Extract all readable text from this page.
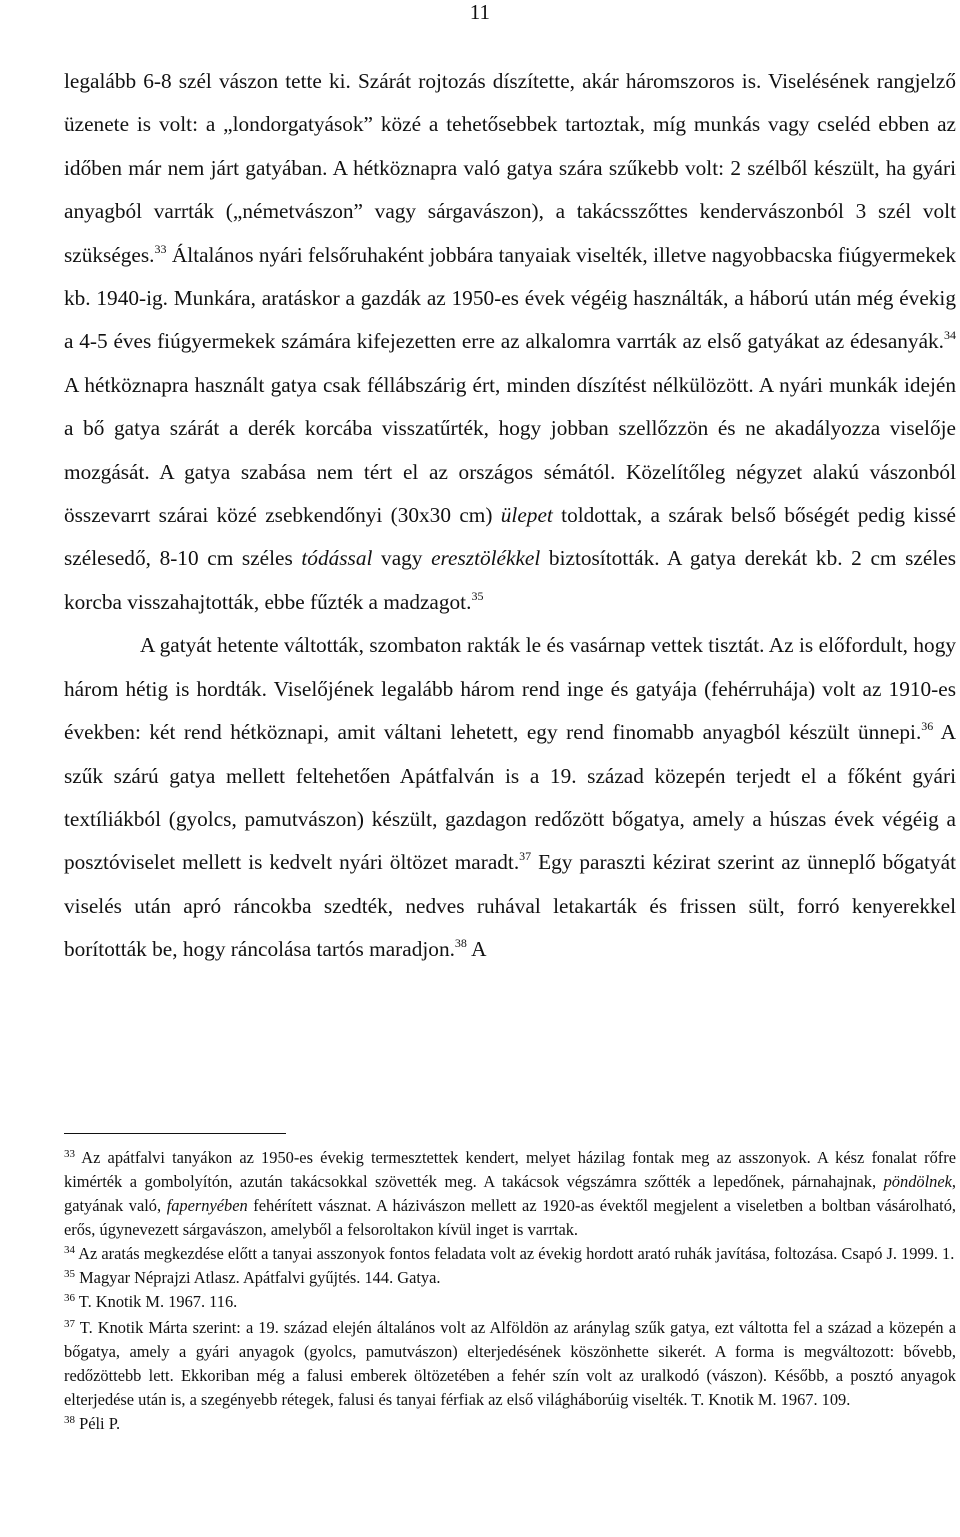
11

legalább 6-8 szél vászon tette ki. Szárát rojtozás díszítette, akár háromszoros is. Viselésének rangjelző üzenete is volt: a „londorgatyások” közé a tehetősebbek tartoztak, míg munkás vagy cseléd ebben az időben már nem járt gatyában. A hétköznapra való gatya szára szűkebb volt: 2 szélből készült, ha gyári anyagból varrták („németvászon” vagy sárgavászon), a takácsszőttes kendervászonból 3 szél volt szükséges.$^{33}$ Általános nyári felsőruhaként jobbára tanyaiak viselték, illetve nagyobbacska fiúgyermekek kb. 1940-ig. Munkára, aratáskor a gazdák az 1950-es évek végéig használták, a háború után még évekig a 4-5 éves fiúgyermekek számára kifejezetten erre az alkalomra varrták az első gatyákat az édesanyák.$^{34}$ A hétköznapra használt gatya csak féllábszárig ért, minden díszítést nélkülözött. A nyári munkák idején a bő gatya szárát a derék korcába visszatűrték, hogy jobban szellőzzön és ne akadályozza viselője mozgását. A gatya szabása nem tért el az országos sémától. Közelítőleg négyzet alakú vászonból összevarrt szárai közé zsebkendőnyi (30x30 cm) ülepet toldottak, a szárak belső bőségét pedig kissé szélesedő, 8-10 cm széles tódással vagy eresztölékkel biztosították. A gatya derekát kb. 2 cm széles korcba visszahajtották, ebbe fűzték a madzagot.$^{35}$

A gatyát hetente váltották, szombaton rakták le és vasárnap vettek tisztát. Az is előfordult, hogy három hétig is hordták. Viselőjének legalább három rend inge és gatyája (fehérruhája) volt az 1910-es években: két rend hétköznapi, amit váltani lehetett, egy rend finomabb anyagból készült ünnepi.$^{36}$ A szűk szárú gatya mellett feltehetően Apátfalván is a 19. század közepén terjedt el a főként gyári textíliákból (gyolcs, pamutvászon) készült, gazdagon redőzött bőgatya, amely a húszas évek végéig a posztóviselet mellett is kedvelt nyári öltözet maradt.$^{37}$ Egy paraszti kézirat szerint az ünneplő bőgatyát viselés után apró ráncokba szedték, nedves ruhával letakarták és frissen sült, forró kenyerekkel borították be, hogy ráncolása tartós maradjon.$^{38}$ A

$^{33}$ Az apátfalvi tanyákon az 1950-es évekig termesztettek kendert, melyet házilag fontak meg az asszonyok. A kész fonalat rőfre kimérték a gombolyítón, azután takácsokkal szövették meg. A takácsok végszámra szőtték a lepedőnek, párnahajnak, pöndölnek, gatyának való, fapernyében fehérített vásznat. A házivászon mellett az 1920-as évektől megjelent a viseletben a boltban vásárolható, erős, úgynevezett sárgavászon, amelyből a felsoroltakon kívül inget is varrtak.

$^{34}$ Az aratás megkezdése előtt a tanyai asszonyok fontos feladata volt az évekig hordott arató ruhák javítása, foltozása. Csapó J. 1999. 1.

$^{35}$ Magyar Néprajzi Atlasz. Apátfalvi gyűjtés. 144. Gatya.

$^{36}$ T. Knotik M. 1967. 116.

$^{37}$ T. Knotik Márta szerint: a 19. század elején általános volt az Alföldön az aránylag szűk gatya, ezt váltotta fel a század a közepén a bőgatya, amely a gyári anyagok (gyolcs, pamutvászon) elterjedésének köszönhette sikerét. A forma is megváltozott: bővebb, redőzöttebb lett. Ekkoriban még a falusi emberek öltözetében a fehér szín volt az uralkodó (vászon). Később, a posztó anyagok elterjedése után is, a szegényebb rétegek, falusi és tanyai férfiak az első világháborúig viselték. T. Knotik M. 1967. 109.

$^{38}$ Péli P.
